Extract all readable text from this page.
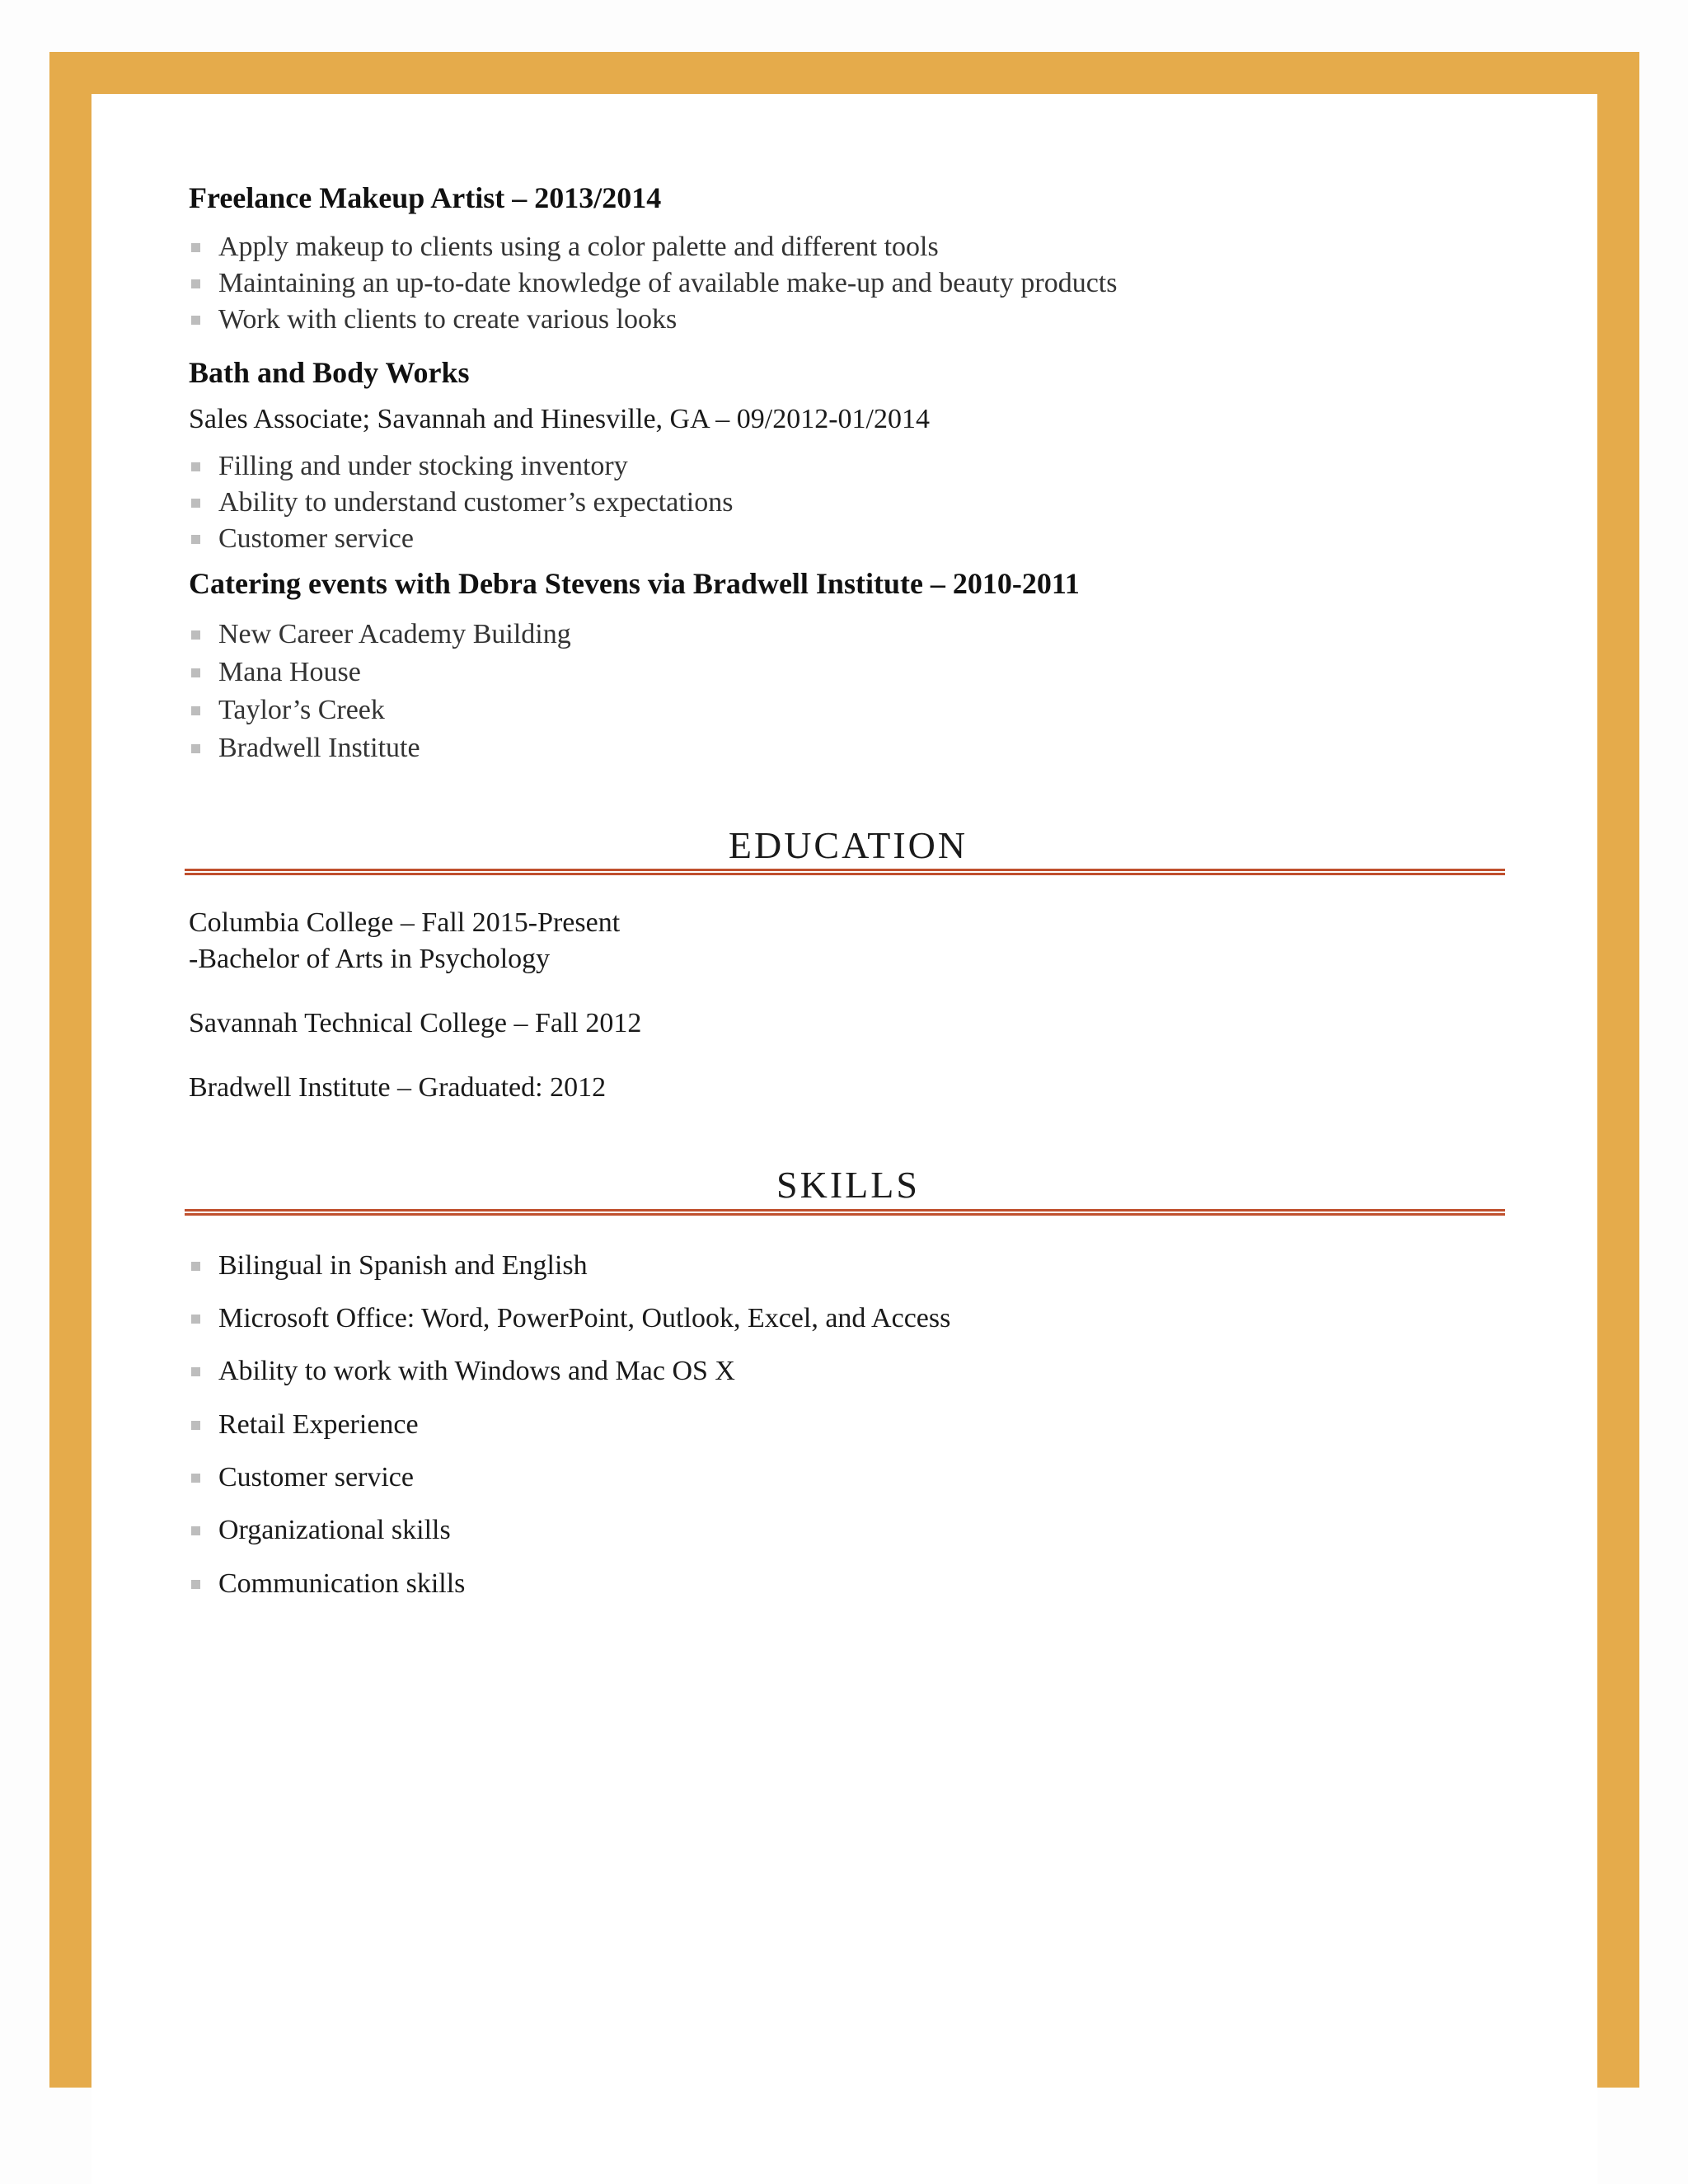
Freelance Makeup Artist – 2013/2014
Apply makeup to clients using a color palette and different tools
Maintaining an up-to-date knowledge of available make-up and beauty products
Work with clients to create various looks
Bath and Body Works
Sales Associate; Savannah and Hinesville, GA – 09/2012-01/2014
Filling and under stocking inventory
Ability to understand customer’s expectations
Customer service
Catering events with Debra Stevens via Bradwell Institute – 2010-2011
New Career Academy Building
Mana House
Taylor’s Creek
Bradwell Institute
EDUCATION
Columbia College – Fall 2015-Present
-Bachelor of Arts in Psychology
Savannah Technical College – Fall 2012
Bradwell Institute – Graduated: 2012
SKILLS
Bilingual in Spanish and English
Microsoft Office: Word, PowerPoint, Outlook, Excel, and Access
Ability to work with Windows and Mac OS X
Retail Experience
Customer service
Organizational skills
Communication skills
